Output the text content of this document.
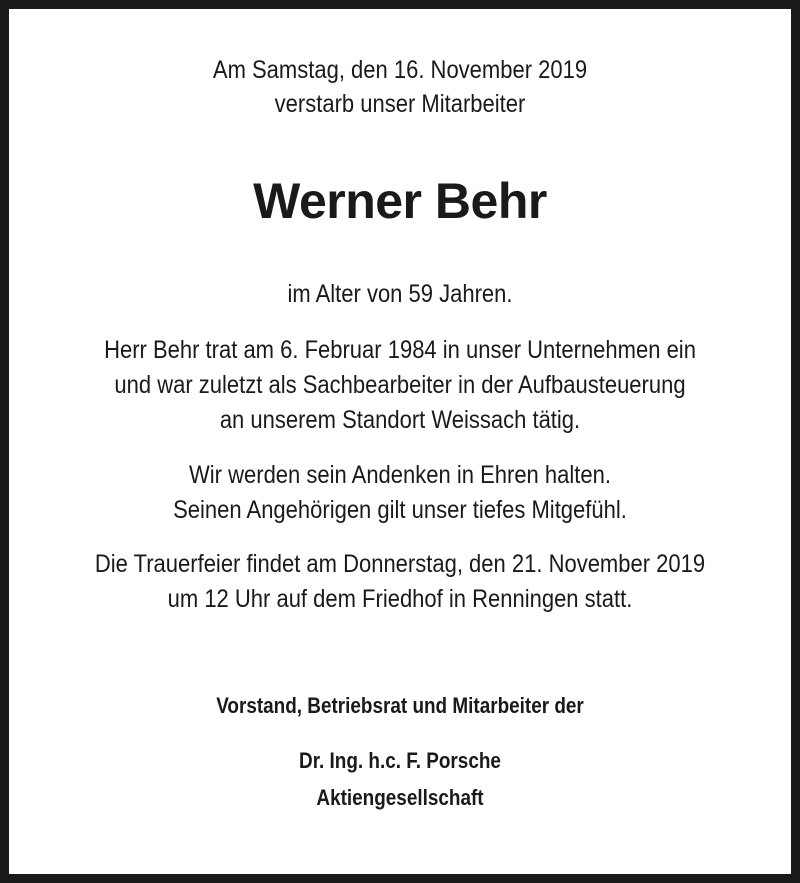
Am Samstag, den 16. November 2019
verstarb unser Mitarbeiter
Werner Behr
im Alter von 59 Jahren.
Herr Behr trat am 6. Februar 1984 in unser Unternehmen ein
und war zuletzt als Sachbearbeiter in der Aufbausteuerung
an unserem Standort Weissach tätig.
Wir werden sein Andenken in Ehren halten.
Seinen Angehörigen gilt unser tiefes Mitgefühl.
Die Trauerfeier findet am Donnerstag, den 21. November 2019
um 12 Uhr auf dem Friedhof in Renningen statt.
Vorstand, Betriebsrat und Mitarbeiter der
Dr. Ing. h.c. F. Porsche
Aktiengesellschaft
